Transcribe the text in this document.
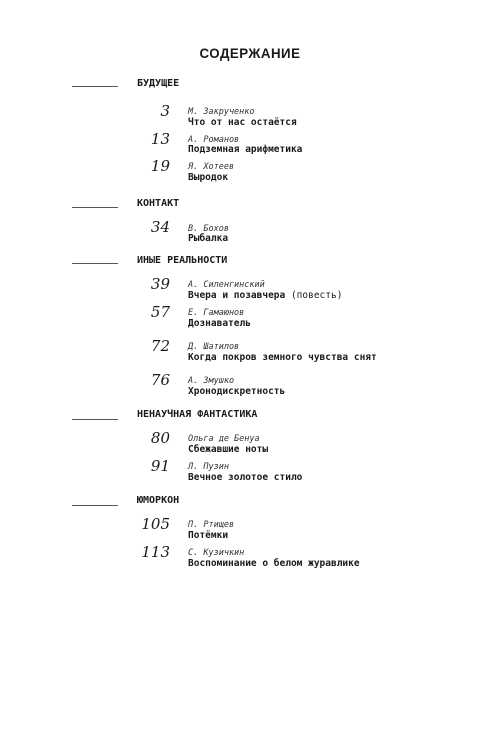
СОДЕРЖАНИЕ
БУДУЩЕЕ
3 М. Закрученко
Что от нас остаётся
13 А. Романов
Подземная арифметика
19 Я. Хотеев
Выродок
КОНТАКТ
34 В. Бохов
Рыбалка
ИНЫЕ РЕАЛЬНОСТИ
39 А. Силенгинский
Вчера и позавчера (повесть)
57 Е. Гамаюнов
Дознаватель
72 Д. Шатилов
Когда покров земного чувства снят
76 А. Змушко
Хронодискретность
НЕНАУЧНАЯ ФАНТАСТИКА
80 Ольга де Бенуа
Сбежавшие ноты
91 Л. Пузин
Вечное золотое стило
ЮМОРКОН
105 П. Ртищев
Потёмки
113 С. Кузичкин
Воспоминание о белом журавлике
